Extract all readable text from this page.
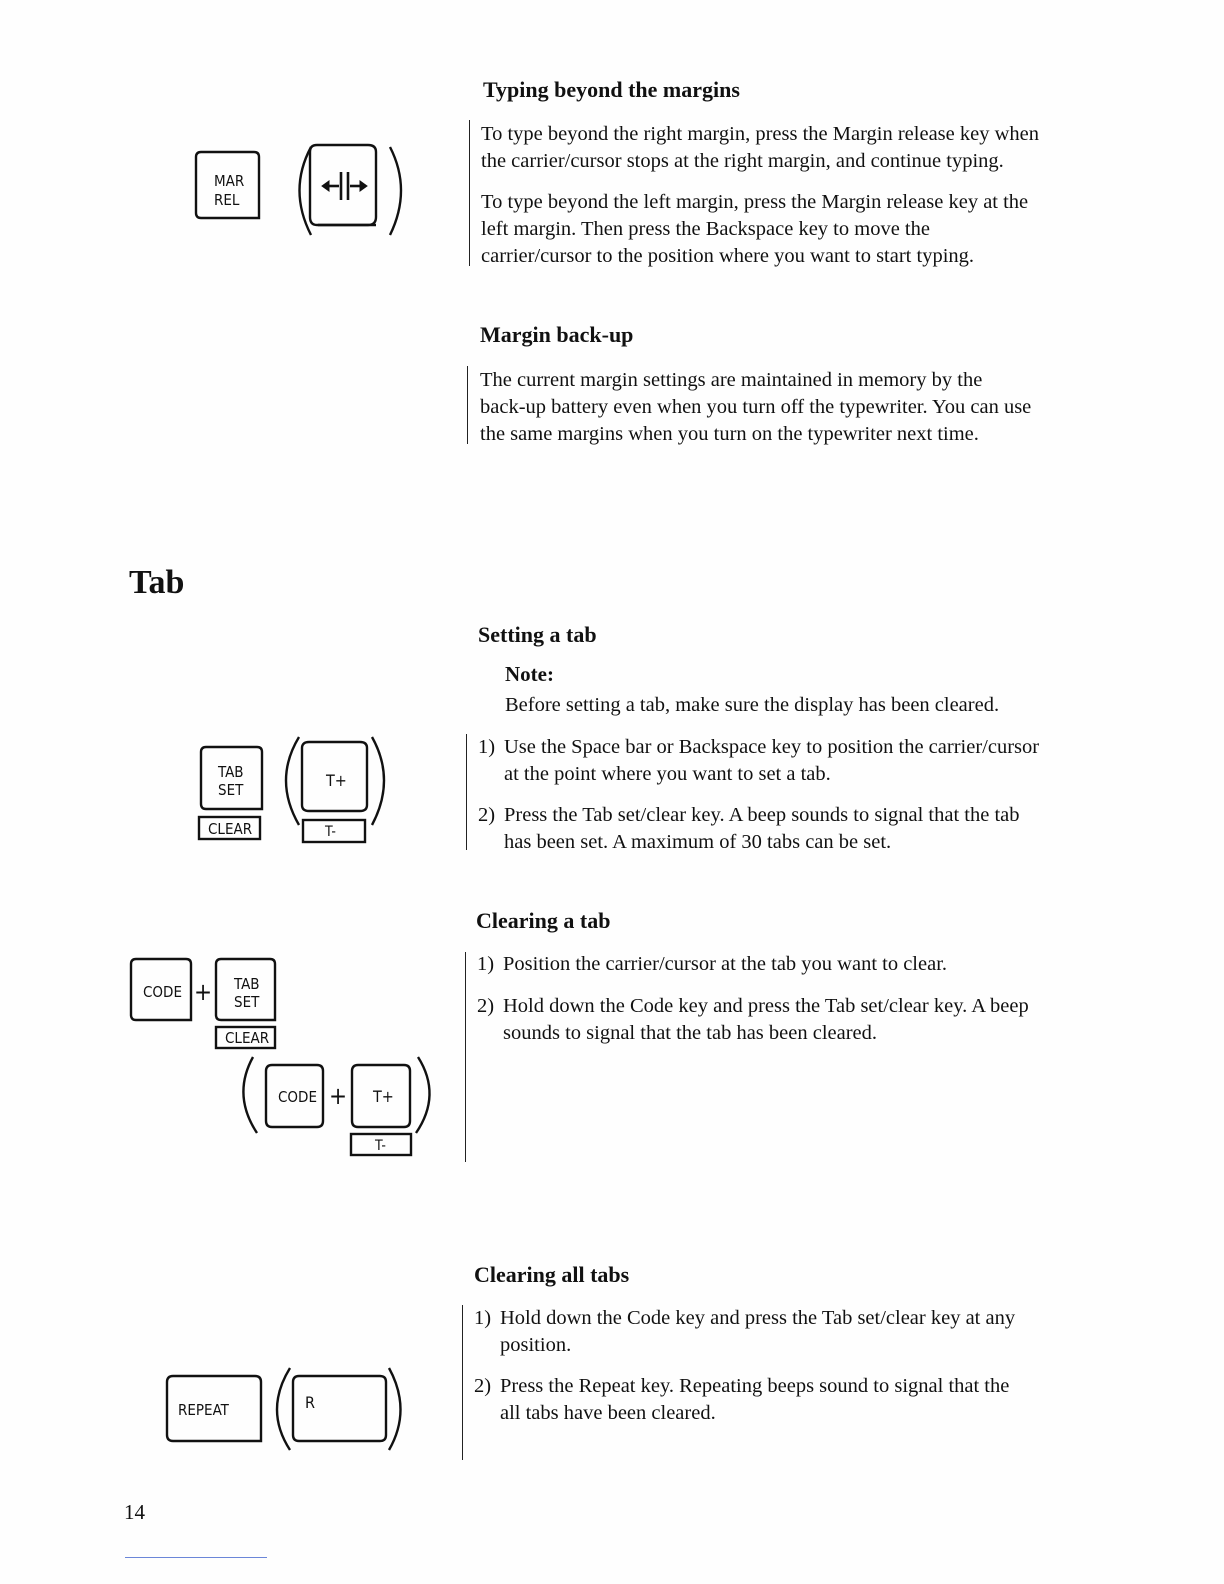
Typing beyond the margins
To type beyond the right margin, press the Margin release key when
the carrier/cursor stops at the right margin, and continue typing.
To type beyond the left margin, press the Margin release key at the
left margin. Then press the Backspace key to move the
carrier/cursor to the position where you want to start typing.
Margin back-up
The current margin settings are maintained in memory by the
back-up battery even when you turn off the typewriter. You can use
the same margins when you turn on the typewriter next time.
Tab
Setting a tab
Note:
Before setting a tab, make sure the display has been cleared.
1) Use the Space bar or Backspace key to position the carrier/cursor
at the point where you want to set a tab.
2) Press the Tab set/clear key. A beep sounds to signal that the tab
has been set. A maximum of 30 tabs can be set.
Clearing a tab
1) Position the carrier/cursor at the tab you want to clear.
2) Hold down the Code key and press the Tab set/clear key. A beep
sounds to signal that the tab has been cleared.
Clearing all tabs
1) Hold down the Code key and press the Tab set/clear key at any
position.
2) Press the Repeat key. Repeating beeps sound to signal that the
all tabs have been cleared.
14
MAR
REL
TAB
SET
CLEAR
T+
T-
CODE + TAB
SET
CLEAR
CODE + T+
T-
REPEAT	R
